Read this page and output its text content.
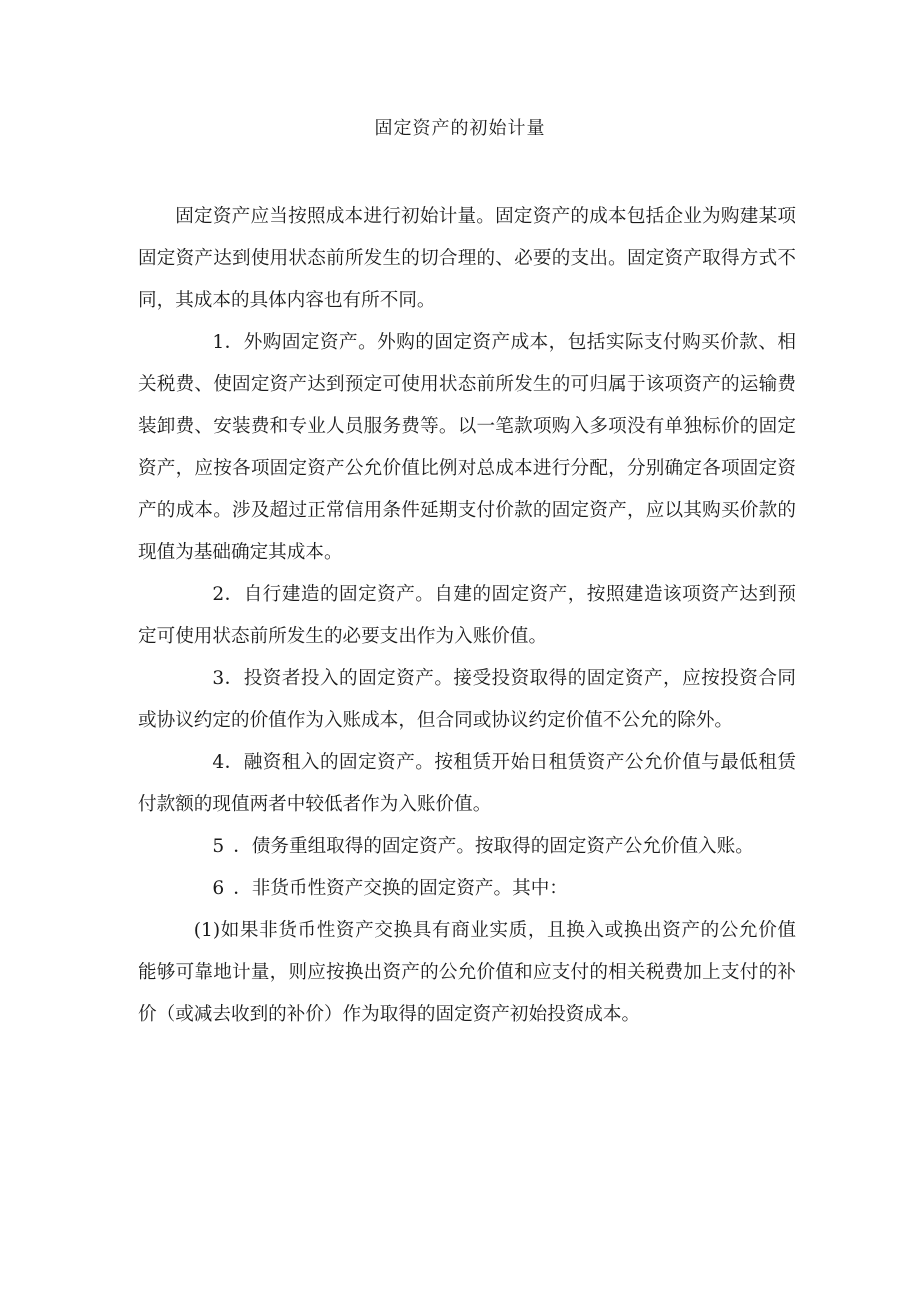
固定资产的初始计量

固定资产应当按照成本进行初始计量。固定资产的成本包括企业为购建某项固定资产达到使用状态前所发生的切合理的、必要的支出。固定资产取得方式不同，其成本的具体内容也有所不同。

1．外购固定资产。外购的固定资产成本，包括实际支付购买价款、相关税费、使固定资产达到预定可使用状态前所发生的可归属于该项资产的运输费装卸费、安装费和专业人员服务费等。以一笔款项购入多项没有单独标价的固定资产，应按各项固定资产公允价值比例对总成本进行分配，分别确定各项固定资产的成本。涉及超过正常信用条件延期支付价款的固定资产，应以其购买价款的现值为基础确定其成本。

2．自行建造的固定资产。自建的固定资产，按照建造该项资产达到预定可使用状态前所发生的必要支出作为入账价值。

3．投资者投入的固定资产。接受投资取得的固定资产，应按投资合同或协议约定的价值作为入账成本，但合同或协议约定价值不公允的除外。

4．融资租入的固定资产。按租赁开始日租赁资产公允价值与最低租赁付款额的现值两者中较低者作为入账价值。

5 ．债务重组取得的固定资产。按取得的固定资产公允价值入账。

6 ．非货币性资产交换的固定资产。其中：

(1)如果非货币性资产交换具有商业实质，且换入或换出资产的公允价值能够可靠地计量，则应按换出资产的公允价值和应支付的相关税费加上支付的补价（或减去收到的补价）作为取得的固定资产初始投资成本。
